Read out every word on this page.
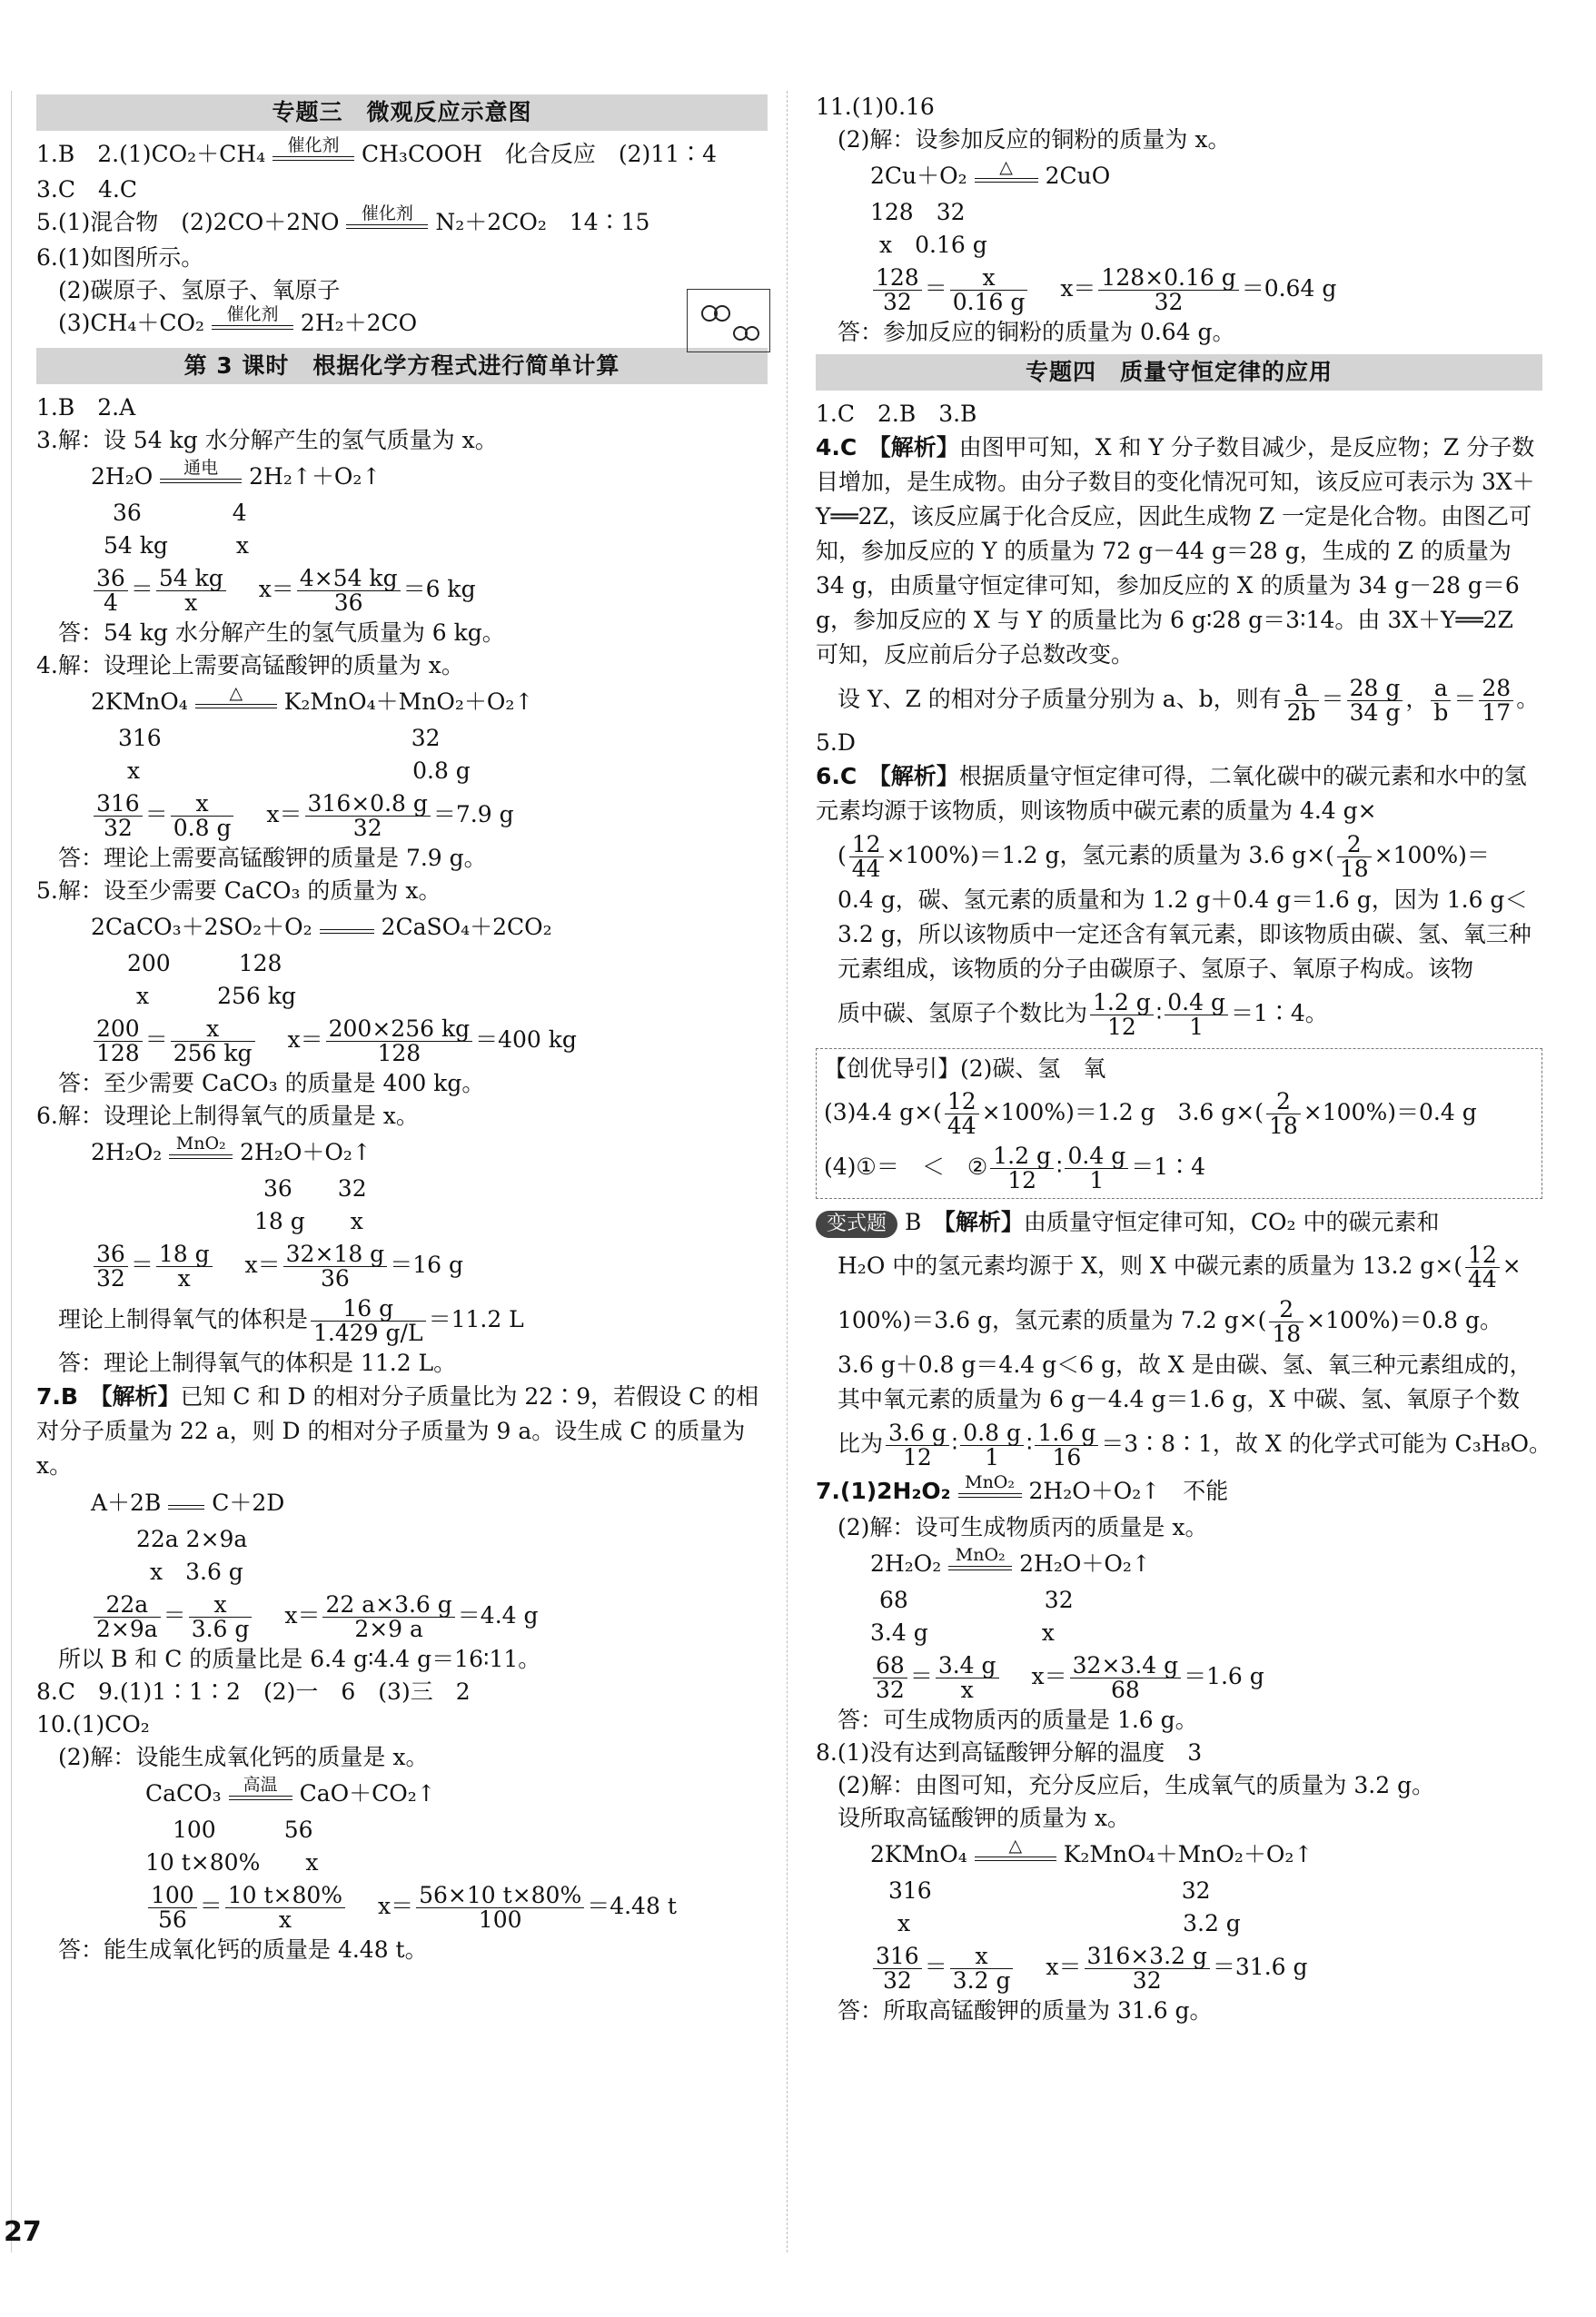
专题三　微观反应示意图
1.B　2.(1)CO₂＋CH₄	催化剂 CH₃COOH　化合反应　(2)11∶4
3.C　4.C
5.(1)混合物　(2)2CO＋2NO	催化剂 N₂＋2CO₂　14∶15
6.(1)如图所示。
(2)碳原子、氢原子、氧原子
(3)CH₄＋CO₂	催化剂 2H₂＋2CO
第 3 课时　根据化学方程式进行简单计算
1.B　2.A
3.解：设 54 kg 水分解产生的氢气质量为 x。
2H₂O	通电	2H₂↑＋O₂↑
36　　　　4
54 kg　　　x
$\frac{36}{4} = \frac{54 kg}{x}$
　 $x= \frac{4\times 54 kg}{36} =6$ kg
答：54 kg 水分解产生的氢气质量为 6 kg。
4.解：设理论上需要高锰酸钾的质量为 x。
2KMnO₄	△	K₂MnO₄＋MnO₂＋O₂↑
316　　　　　　　　　　　32
x　　　　　　　　　　　　0.8 g
$\frac{316}{32} = \frac{x}{0.8 g}$
　 $x= \frac{316\times 0.8 g}{32} =7.9$ g
答：理论上需要高锰酸钾的质量是 7.9 g。
5.解：设至少需要 CaCO₃ 的质量为 x。
2CaCO₃＋2SO₂＋O₂	2CaSO₄＋2CO₂
200　　　128
x　　　256 kg
$\frac{200}{128} = \frac{x}{256 kg}$
　 $x= \frac{200\times 256 kg}{128} =400$ kg
答：至少需要 CaCO₃ 的质量是 400 kg。
6.解：设理论上制得氧气的质量是 x。
2H₂O₂ MnO₂ 2H₂O＋O₂↑
36　　32
18 g　　x
$\frac{36}{32} = \frac{18 g}{x}$
　 $x= \frac{32\times 18 g}{36} =16$ g
理论上制得氧气的体积是 $\frac{16 g}{1.429 g/L} =11.2$ L
答：理论上制得氧气的体积是 11.2 L。
7.B　 【解析】已知 C 和 D 的相对分子质量比为 22∶9，若假设 C 的相对分子质量为 22 a，则 D 的相对分子质量为 9 a。设生成 C 的质量为 x。
A＋2B C＋2D
22a 2×9a
x　3.6 g
$\frac{22a}{2\times 9a} = \frac{x}{3.6 g}$
　 $x= \frac{22 a\times 3.6 g}{2\times 9 a} =4.4$ g
所以 B 和 C 的质量比是 6.4 g∶4.4 g＝16∶11。
8.C　9.(1)1∶1∶2　(2)一　6　(3)三　2
10.(1)CO₂
(2)解：设能生成氧化钙的质量是 x。
CaCO₃	高温 CaO＋CO₂↑
100　　　56
10 t×80%　　x
$\frac{100}{56} = \frac{10 t\times 80\%}{x}$
　 $x= \frac{56\times 10 t\times 80\%}{100} =4.48$ t
答：能生成氧化钙的质量是 4.48 t。
11.(1)0.16
(2)解：设参加反应的铜粉的质量为 x。
2Cu＋O₂	△	2CuO
128　32
x　0.16 g
$\frac{128}{32} = \frac{x}{0.16 g}$
　 $x= \frac{128\times 0.16 g}{32} =0.64$ g
答：参加反应的铜粉的质量为 0.64 g。
专题四　质量守恒定律的应用
1.C　2.B　3.B
4.C　 【解析】由图甲可知，X 和 Y 分子数目减少，是反应物；Z 分子数目增加，是生成物。由分子数目的变化情况可知，该反应可表示为 3X＋Y══2Z，该反应属于化合反应，因此生成物 Z 一定是化合物。由图乙可知，参加反应的 Y 的质量为 72 g－44 g＝28 g，生成的 Z 的质量为 34 g，由质量守恒定律可知，参加反应的 X 的质量为 34 g－28 g＝6 g，参加反应的 X 与 Y 的质量比为 6 g∶28 g＝3∶14。由 3X＋Y══2Z 可知，反应前后分子总数改变。
设 Y、Z 的相对分子质量分别为 a、b，则有 $\frac{a}{2b} = \frac{28 g}{34 g}$ ， $\frac{a}{b} = \frac{28}{17}$ 。
5.D
6.C　 【解析】根据质量守恒定律可得，二氧化碳中的碳元素和水中的氢元素均源于该物质，则该物质中碳元素的质量为 4.4 g×
( $\frac{12}{44} \times 100\%)=1.2$ g，氢元素的质量为 3.6 $g\times( \frac{2}{18} \times 100\%)=$
0.4 g，碳、氢元素的质量和为 1.2 g＋0.4 g＝1.6 g，因为 1.6 g＜3.2 g，所以该物质中一定还含有氧元素，即该物质由碳、氢、氧三种元素组成，该物质的分子由碳原子、氢原子、氧原子构成。该物
质中碳、氢原子个数比为 $\frac{1.2 g}{12}$ ∶ $\frac{0.4 g}{1}$ ＝1∶4。
【创优导引】(2)碳、氢　氧
(3)4.4 $g\times( \frac{12}{44} \times 100\%)=1.2$ g　3.6 $g\times( \frac{2}{18} \times 100\%)=0.4$ g
(4)①＝　＜　② $\frac{1.2 g}{12}$ ∶ $\frac{0.4 g}{1}$ ＝1∶4
变式题 B　 【解析】由质量守恒定律可知，CO₂ 中的碳元素和
H₂O 中的氢元素均源于 X，则 X 中碳元素的质量为 13.2 $g\times( \frac{12}{44}$ ×
100%)＝3.6 g，氢元素的质量为 7.2 $g\times( \frac{2}{18} \times 100\%)=0.8$ g。
3.6 g＋0.8 g＝4.4 g＜6 g，故 X 是由碳、氢、氧三种元素组成的，其中氧元素的质量为 6 g－4.4 g＝1.6 g，X 中碳、氢、氧原子个数
比为 $\frac{3.6 g}{12}$ ∶ $\frac{0.8 g}{1}$ ∶ $\frac{1.6 g}{16}$ ＝3∶8∶1，故 X 的化学式可能为 C₃H₈O。
7.(1)2H₂O₂ MnO₂ 2H₂O＋O₂↑　不能
(2)解：设可生成物质丙的质量是 x。
2H₂O₂ MnO₂ 2H₂O＋O₂↑
68　　　　　　32
3.4 g　　　　　x
$\frac{68}{32} = \frac{3.4 g}{x}$
　 $x= \frac{32\times 3.4 g}{68} =1.6$ g
答：可生成物质丙的质量是 1.6 g。
8.(1)没有达到高锰酸钾分解的温度　3
(2)解：由图可知，充分反应后，生成氧气的质量为 3.2 g。
设所取高锰酸钾的质量为 x。
2KMnO₄	△	K₂MnO₄＋MnO₂＋O₂↑
316　　　　　　　　　　　32
x　　　　　　　　　　　　3.2 g
$\frac{316}{32} = \frac{x}{3.2 g}$
　 $x= \frac{316\times 3.2 g}{32} =31.6$ g
答：所取高锰酸钾的质量为 31.6 g。
27
